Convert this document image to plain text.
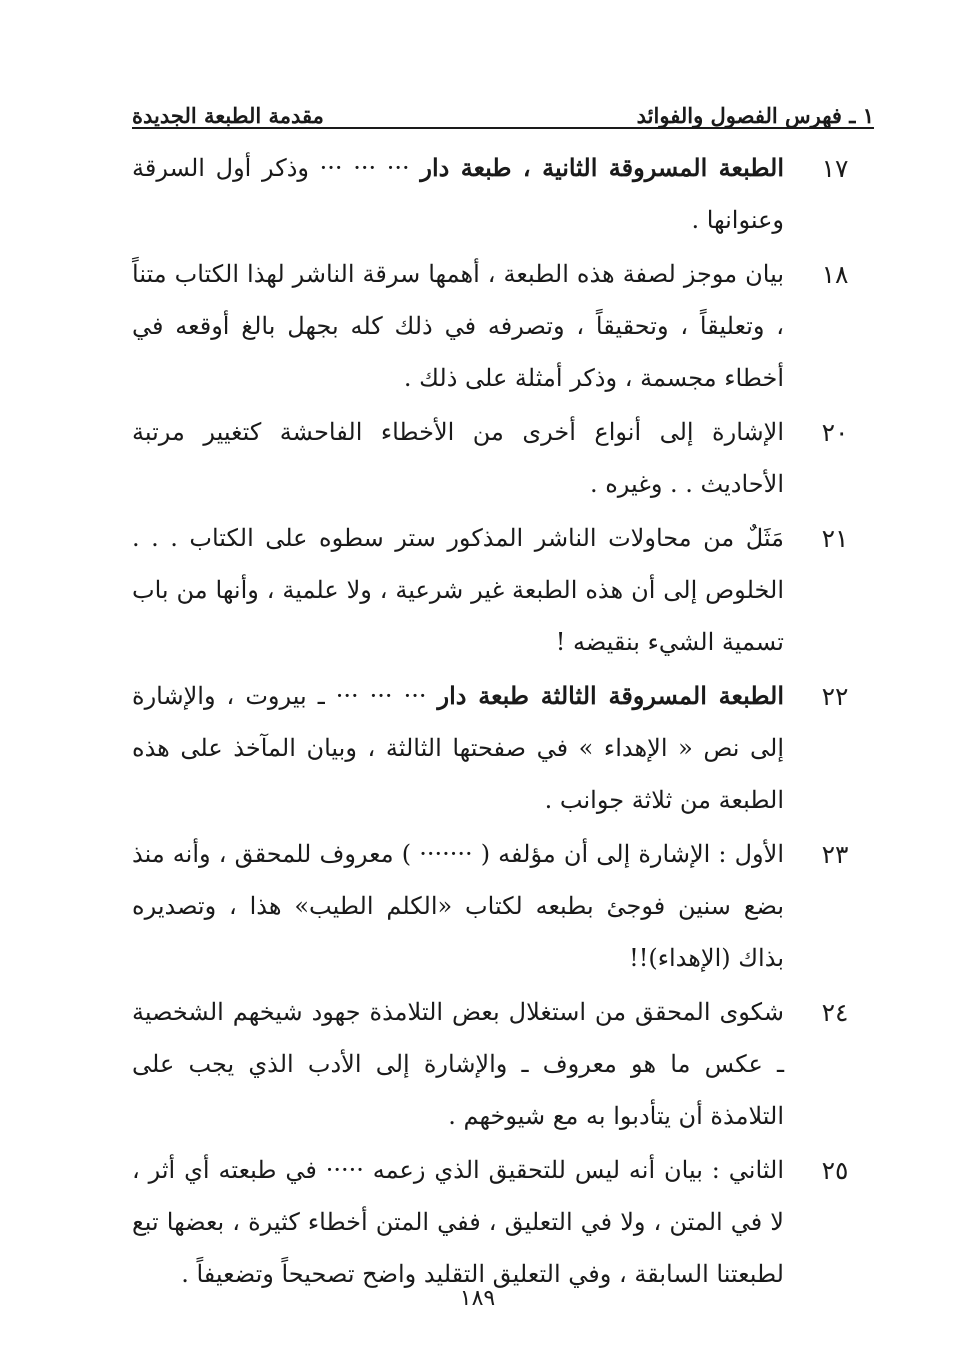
١ ـ فهرس الفصول والفوائد
مقدمة الطبعة الجديدة
١٧
الطبعة المسروقة الثانية ، طبعة دار ··· ··· ··· وذكر أول السرقة وعنوانها .
١٨
بيان موجز لصفة هذه الطبعة ، أهمها سرقة الناشر لهذا الكتاب متناً ، وتعليقاً ، وتحقيقاً ، وتصرفه في ذلك كله بجهل بالغ أوقعه في أخطاء مجسمة ، وذكر أمثلة على ذلك .
٢٠
الإشارة إلى أنواع أخرى من الأخطاء الفاحشة كتغيير مرتبة الأحاديث . . وغيره .
٢١
مَثَلٌ من محاولات الناشر المذكور ستر سطوه على الكتاب . . . الخلوص إلى أن هذه الطبعة غير شرعية ، ولا علمية ، وأنها من باب تسمية الشيء بنقيضه !
٢٢
الطبعة المسروقة الثالثة طبعة دار ··· ··· ··· ـ بيروت ، والإشارة إلى نص « الإهداء » في صفحتها الثالثة ، وبيان المآخذ على هذه الطبعة من ثلاثة جوانب .
٢٣
الأول : الإشارة إلى أن مؤلفه ( ······· ) معروف للمحقق ، وأنه منذ بضع سنين فوجئ بطبعه لكتاب «الكلم الطيب» هذا ، وتصديره بذاك (الإهداء)!!
٢٤
شكوى المحقق من استغلال بعض التلامذة جهود شيخهم الشخصية ـ عكس ما هو معروف ـ والإشارة إلى الأدب الذي يجب على التلامذة أن يتأدبوا به مع شيوخهم .
٢٥
الثاني : بيان أنه ليس للتحقيق الذي زعمه ····· في طبعته أي أثر ، لا في المتن ، ولا في التعليق ، ففي المتن أخطاء كثيرة ، بعضها تبع لطبعتنا السابقة ، وفي التعليق التقليد واضح تصحيحاً وتضعيفاً .
١٨٩
